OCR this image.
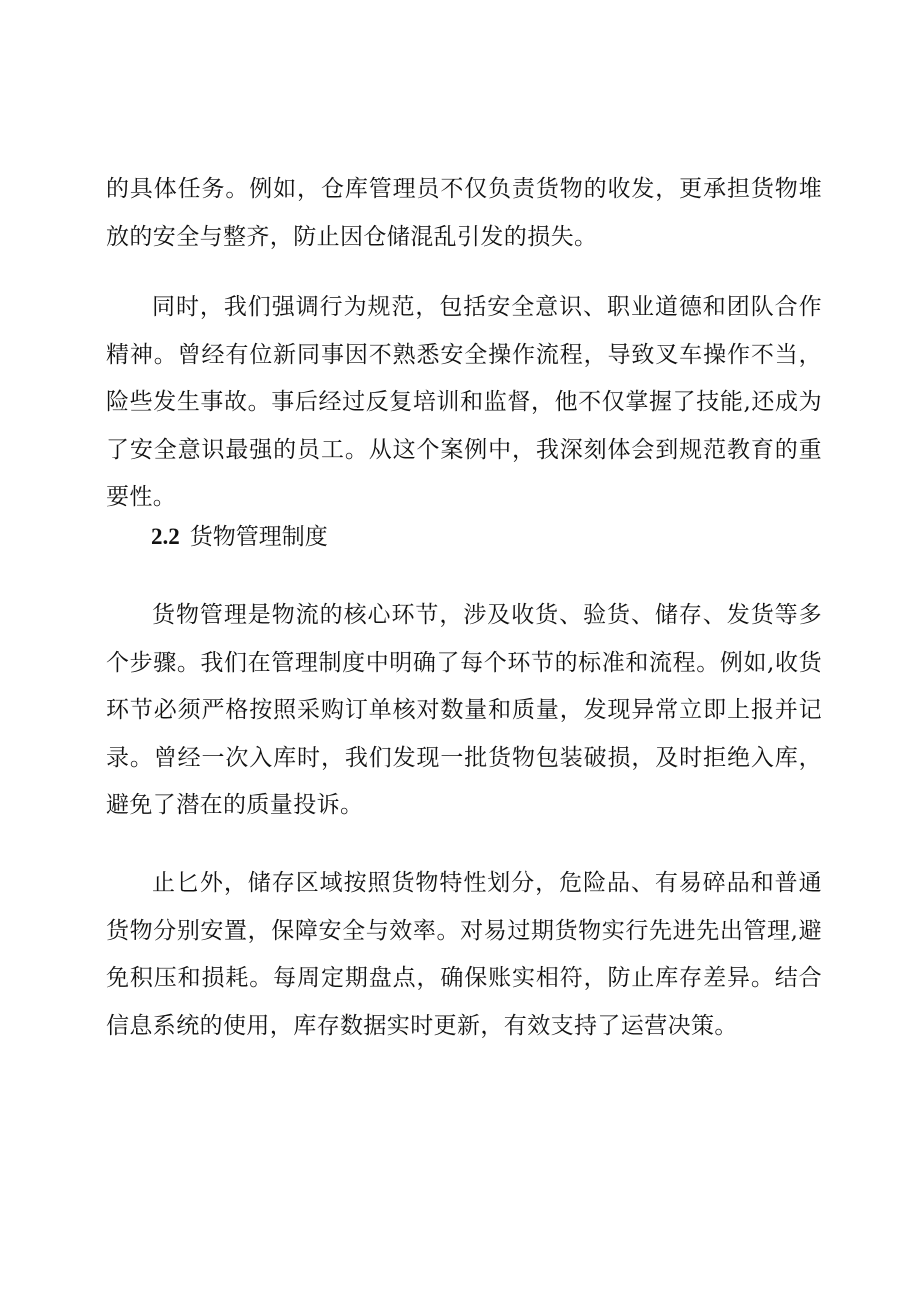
的具体任务。例如，仓库管理员不仅负责货物的收发，更承担货物堆放的安全与整齐，防止因仓储混乱引发的损失。

同时，我们强调行为规范，包括安全意识、职业道德和团队合作精神。曾经有位新同事因不熟悉安全操作流程，导致叉车操作不当，险些发生事故。事后经过反复培训和监督，他不仅掌握了技能,还成为了安全意识最强的员工。从这个案例中，我深刻体会到规范教育的重要性。

2.2 货物管理制度

货物管理是物流的核心环节，涉及收货、验货、储存、发货等多个步骤。我们在管理制度中明确了每个环节的标准和流程。例如,收货环节必须严格按照采购订单核对数量和质量，发现异常立即上报并记录。曾经一次入库时，我们发现一批货物包装破损，及时拒绝入库，避免了潜在的质量投诉。

止匕外，储存区域按照货物特性划分，危险品、有易碎品和普通货物分别安置，保障安全与效率。对易过期货物实行先进先出管理,避免积压和损耗。每周定期盘点，确保账实相符，防止库存差异。结合信息系统的使用，库存数据实时更新，有效支持了运营决策。
